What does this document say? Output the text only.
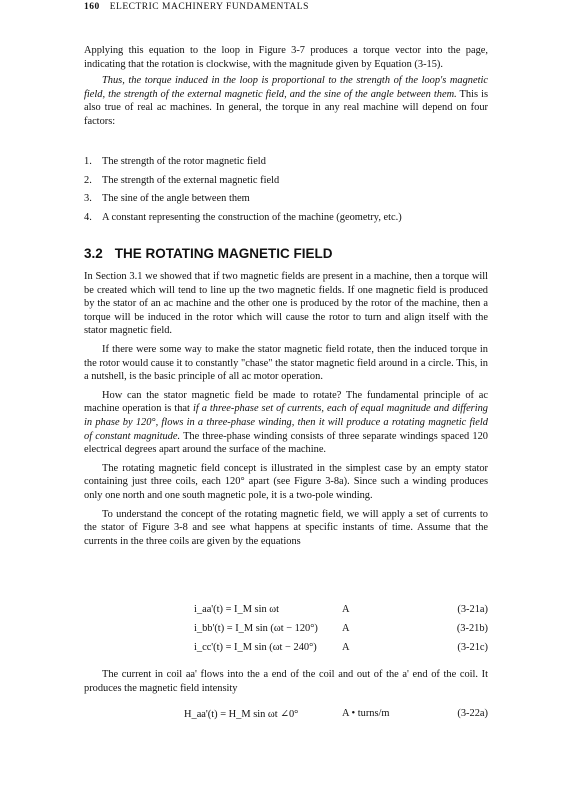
160 ELECTRIC MACHINERY FUNDAMENTALS

Applying this equation to the loop in Figure 3-7 produces a torque vector into the page, indicating that the rotation is clockwise, with the magnitude given by Equation (3-15).

Thus, the torque induced in the loop is proportional to the strength of the loop's magnetic field, the strength of the external magnetic field, and the sine of the angle between them. This is also true of real ac machines. In general, the torque in any real machine will depend on four factors:

1. The strength of the rotor magnetic field
2. The strength of the external magnetic field
3. The sine of the angle between them
4. A constant representing the construction of the machine (geometry, etc.)
3.2 THE ROTATING MAGNETIC FIELD

In Section 3.1 we showed that if two magnetic fields are present in a machine, then a torque will be created which will tend to line up the two magnetic fields. If one magnetic field is produced by the stator of an ac machine and the other one is produced by the rotor of the machine, then a torque will be induced in the rotor which will cause the rotor to turn and align itself with the stator magnetic field.

If there were some way to make the stator magnetic field rotate, then the induced torque in the rotor would cause it to constantly "chase" the stator magnetic field around in a circle. This, in a nutshell, is the basic principle of all ac motor operation.

How can the stator magnetic field be made to rotate? The fundamental principle of ac machine operation is that if a three-phase set of currents, each of equal magnitude and differing in phase by 120°, flows in a three-phase winding, then it will produce a rotating magnetic field of constant magnitude. The three-phase winding consists of three separate windings spaced 120 electrical degrees apart around the surface of the machine.

The rotating magnetic field concept is illustrated in the simplest case by an empty stator containing just three coils, each 120° apart (see Figure 3-8a). Since such a winding produces only one north and one south magnetic pole, it is a two-pole winding.

To understand the concept of the rotating magnetic field, we will apply a set of currents to the stator of Figure 3-8 and see what happens at specific instants of time. Assume that the currents in the three coils are given by the equations

i_aa'(t) = I_M sin ωt	A	(3-21a)
i_bb'(t) = I_M sin (ωt − 120°) A	(3-21b)
i_cc'(t) = I_M sin (ωt − 240°) A	(3-21c)

The current in coil aa' flows into the a end of the coil and out of the a' end of the coil. It produces the magnetic field intensity

H_aa'(t) = H_M sin ωt ∠0°	A • turns/m	(3-22a)
